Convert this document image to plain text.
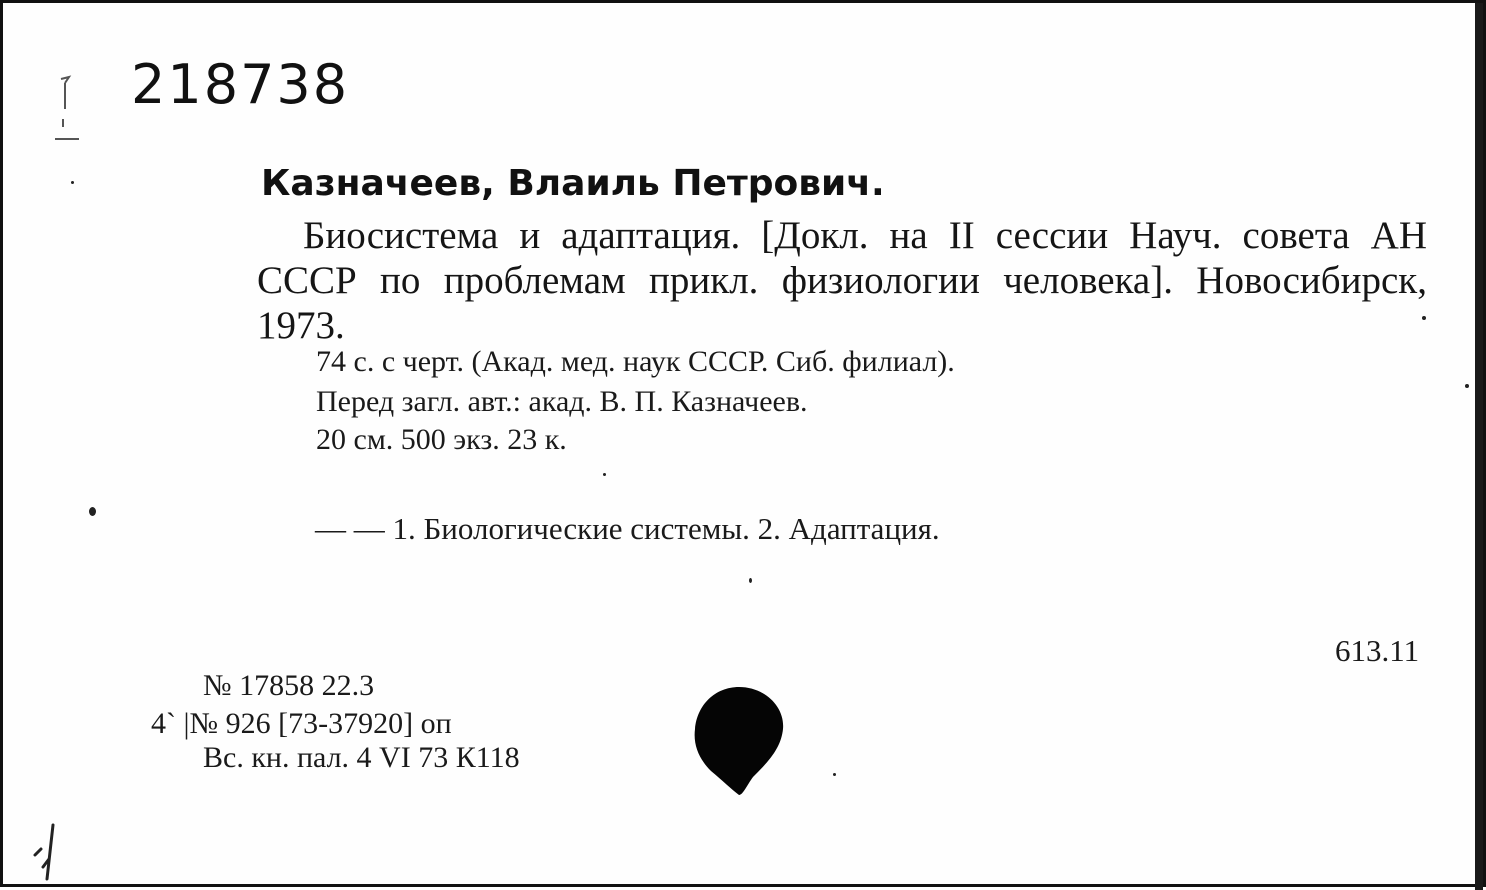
218738
Казначеев, Влаиль Петрович.
Биосистема и адаптация. [Докл. на II сессии Науч. совета АН СССР по проблемам прикл. физиологии человека]. Новосибирск, 1973.
74 с. с черт. (Акад. мед. наук СССР. Сиб. филиал).
Перед загл. авт.: акад. В. П. Казначеев.
20 см. 500 экз. 23 к.
— — 1. Биологические системы. 2. Адаптация.
613.11
№ 17858 22.3
4` |№ 926 [73-37920] оп
Вс. кн. пал. 4 VI 73 К118
